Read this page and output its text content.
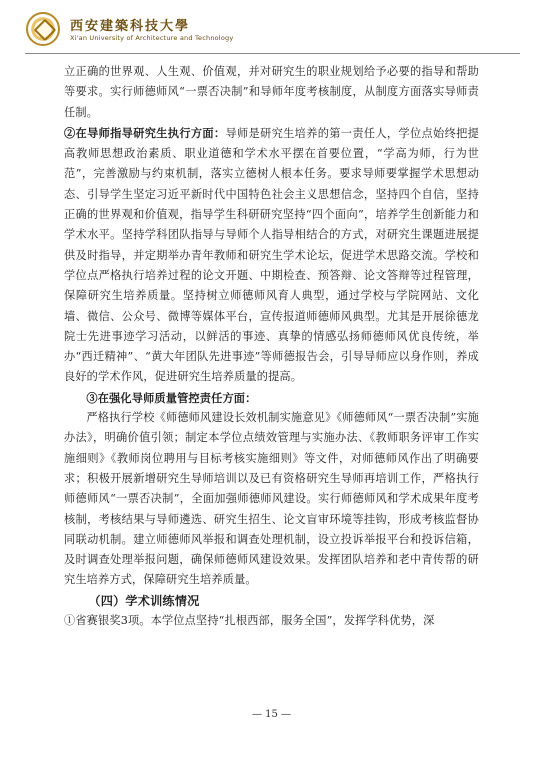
西安建築科技大學
Xi'an University of Architecture and Technology

立正确的世界观、人生观、价值观，并对研究生的职业规划给予必要的指导和帮助等要求。实行师德师风“一票否决制”和导师年度考核制度，从制度方面落实导师责任制。

②在导师指导研究生执行方面：导师是研究生培养的第一责任人，学位点始终把提高教师思想政治素质、职业道德和学术水平摆在首要位置，“学高为师，行为世范”，完善激励与约束机制，落实立德树人根本任务。要求导师要掌握学术思想动态、引导学生坚定习近平新时代中国特色社会主义思想信念，坚持四个自信，坚持正确的世界观和价值观，指导学生科研研究坚持“四个面向”，培养学生创新能力和学术水平。坚持学科团队指导与导师个人指导相结合的方式，对研究生课题进展提供及时指导，并定期举办青年教师和研究生学术论坛，促进学术思路交流。学校和学位点严格执行培养过程的论文开题、中期检查、预答辩、论文答辩等过程管理，保障研究生培养质量。坚持树立师德师风育人典型，通过学校与学院网站、文化墙、微信、公众号、微博等媒体平台，宣传报道师德师风典型。尤其是开展徐德龙院士先进事迹学习活动，以鲜活的事迹、真挚的情感弘扬师德师风优良传统，举办“西迁精神”、“黄大年团队先进事迹”等师德报告会，引导导师应以身作则，养成良好的学术作风，促进研究生培养质量的提高。

③在强化导师质量管控责任方面：

严格执行学校《师德师风建设长效机制实施意见》《师德师风“一票否决制”实施办法》，明确价值引领；制定本学位点绩效管理与实施办法、《教师职务评审工作实施细则》《教师岗位聘用与目标考核实施细则》等文件，对师德师风作出了明确要求；积极开展新增研究生导师培训以及已有资格研究生导师再培训工作，严格执行师德师风“一票否决制”，全面加强师德师风建设。实行师德师风和学术成果年度考核制，考核结果与导师遴选、研究生招生、论文盲审环境等挂钩，形成考核监督协同联动机制。建立师德师风举报和调查处理机制，设立投诉举报平台和投诉信箱，及时调查处理举报问题，确保师德师风建设效果。发挥团队培养和老中青传帮的研究生培养方式，保障研究生培养质量。

（四）学术训练情况

①省赛银奖3项。本学位点坚持“扎根西部，服务全国”，发挥学科优势，深

— 15 —
